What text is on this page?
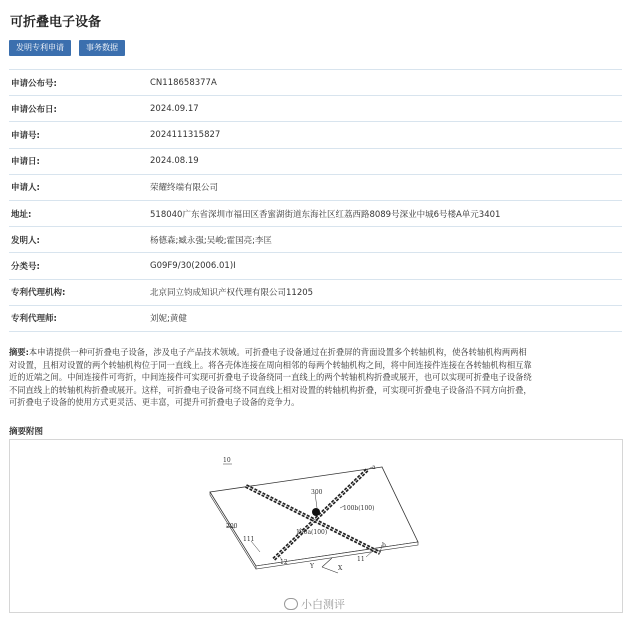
可折叠电子设备
发明专利申请	事务数据
申请公布号:	CN118658377A
申请公布日:	2024.09.17
申请号:	2024111315827
申请日:	2024.08.19
申请人:	荣耀终端有限公司
地址:	518040广东省深圳市福田区香蜜湖街道东海社区红荔西路8089号深业中城6号楼A单元3401
发明人:	杨德森;臧永强;吴峻;霍国亮;李匡
分类号:	G09F9/30(2006.01)I
专利代理机构:	北京同立钧成知识产权代理有限公司11205
专利代理师:	刘妮;黄健
摘要:本申请提供一种可折叠电子设备，涉及电子产品技术领域。可折叠电子设备通过在折叠屏的背面设置多个转轴机构，使各转轴机构两两相
对设置，且相对设置的两个转轴机构位于同一直线上。将各壳体连接在周向相邻的每两个转轴机构之间，将中间连接件连接在各转轴机构相互靠
近的近端之间。中间连接件可弯折，中间连接件可实现可折叠电子设备绕同一直线上的两个转轴机构折叠或展开，也可以实现可折叠电子设备绕
不同直线上的转轴机构折叠或展开。这样，可折叠电子设备可绕不同直线上相对设置的转轴机构折叠，可实现可折叠电子设备沿不同方向折叠，
可折叠电子设备的使用方式更灵活、更丰富，可提升可折叠电子设备的竞争力。
摘要附图
10
a
b
300
100b(100)
100a(100)
200
111
12	11
Y	X
小白测评
